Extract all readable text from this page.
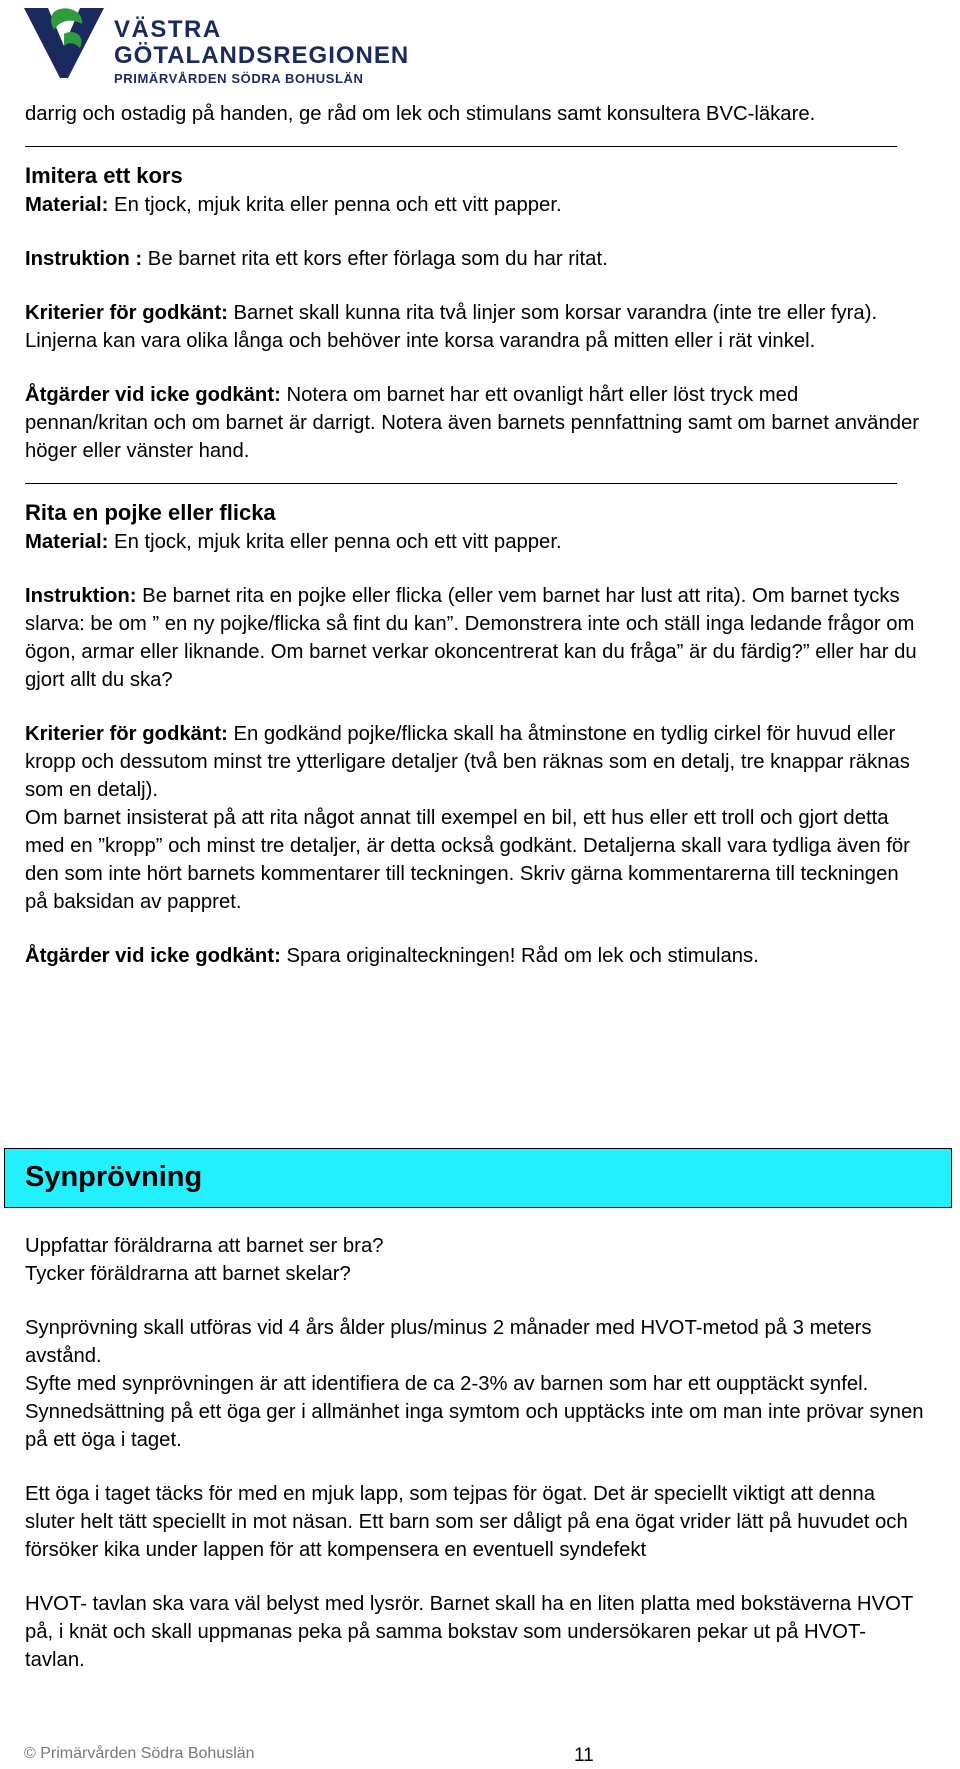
VÄSTRA
GÖTALANDSREGIONEN
PRIMÄRVÅRDEN SÖDRA BOHUSLÄN

darrig och ostadig på handen, ge råd om lek och stimulans samt konsultera BVC-läkare.

Imitera ett kors

Material: En tjock, mjuk krita eller penna och ett vitt papper.

Instruktion : Be barnet rita ett kors efter förlaga som du har ritat.

Kriterier för godkänt: Barnet skall kunna rita två linjer som korsar varandra (inte tre eller fyra). Linjerna kan vara olika långa och behöver inte korsa varandra på mitten eller i rät vinkel.

Åtgärder vid icke godkänt: Notera om barnet har ett ovanligt hårt eller löst tryck med pennan/kritan och om barnet är darrigt. Notera även barnets pennfattning samt om barnet använder höger eller vänster hand.

Rita en pojke eller flicka

Material: En tjock, mjuk krita eller penna och ett vitt papper.

Instruktion: Be barnet rita en pojke eller flicka (eller vem barnet har lust att rita). Om barnet tycks slarva: be om ” en ny pojke/flicka så fint du kan”. Demonstrera inte och ställ inga ledande frågor om ögon, armar eller liknande. Om barnet verkar okoncentrerat kan du fråga” är du färdig?” eller har du gjort allt du ska?

Kriterier för godkänt: En godkänd pojke/flicka skall ha åtminstone en tydlig cirkel för huvud eller kropp och dessutom minst tre ytterligare detaljer (två ben räknas som en detalj, tre knappar räknas som en detalj).

Om barnet insisterat på att rita något annat till exempel en bil, ett hus eller ett troll och gjort detta med en ”kropp” och minst tre detaljer, är detta också godkänt. Detaljerna skall vara tydliga även för den som inte hört barnets kommentarer till teckningen. Skriv gärna kommentarerna till teckningen på baksidan av pappret.

Åtgärder vid icke godkänt: Spara originalteckningen! Råd om lek och stimulans.

Synprövning

Uppfattar föräldrarna att barnet ser bra?

Tycker föräldrarna att barnet skelar?

Synprövning skall utföras vid 4 års ålder plus/minus 2 månader med HVOT-metod på 3 meters avstånd.

Syfte med synprövningen är att identifiera de ca 2-3% av barnen som har ett oupptäckt synfel.

Synnedsättning på ett öga ger i allmänhet inga symtom och upptäcks inte om man inte prövar synen på ett öga i taget.

Ett öga i taget täcks för med en mjuk lapp, som tejpas för ögat. Det är speciellt viktigt att denna sluter helt tätt speciellt in mot näsan. Ett barn som ser dåligt på ena ögat vrider lätt på huvudet och försöker kika under lappen för att kompensera en eventuell syndefekt

HVOT- tavlan ska vara väl belyst med lysrör. Barnet skall ha en liten platta med bokstäverna HVOT på, i knät och skall uppmanas peka på samma bokstav som undersökaren pekar ut på HVOT-tavlan.

© Primärvården Södra Bohuslän	11
